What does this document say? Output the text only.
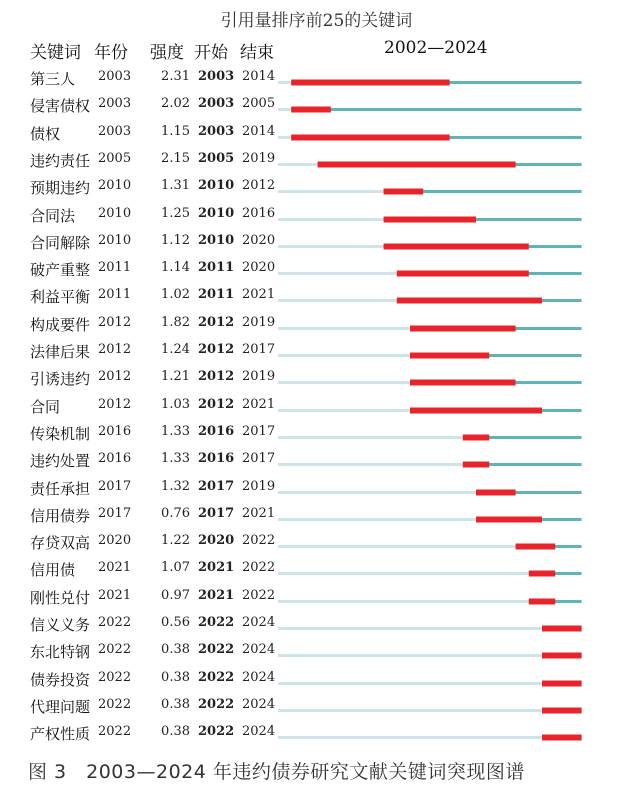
引用量排序前25的关键词
关键词 年份 强度 开始 结束	2002—2024
第三人 2003	2.31 2003 2014
侵害债权 2003	2.02 2003 2005
债权	2003	1.15 2003 2014
违约责任 2005	2.15 2005 2019
预期违约 2010	1.31 2010 2012
合同法 2010	1.25 2010 2016
合同解除 2010	1.12 2010 2020
破产重整 2011	1.14 2011 2020
利益平衡 2011	1.02 2011 2021
构成要件 2012	1.82 2012 2019
法律后果 2012	1.24 2012 2017
引诱违约 2012	1.21 2012 2019
合同	2012	1.03 2012 2021
传染机制 2016	1.33 2016 2017
违约处置 2016	1.33 2016 2017
责任承担 2017	1.32 2017 2019
信用债券 2017	0.76 2017 2021
存贷双高 2020	1.22 2020 2022
信用债 2021	1.07 2021 2022
刚性兑付 2021	0.97 2021 2022
信义义务 2022	0.56 2022 2024
东北特钢 2022	0.38 2022 2024
债券投资 2022	0.38 2022 2024
代理问题 2022	0.38 2022 2024
产权性质 2022	0.38 2022 2024
图 3　2003—2024 年违约债券研究文献关键词突现图谱
